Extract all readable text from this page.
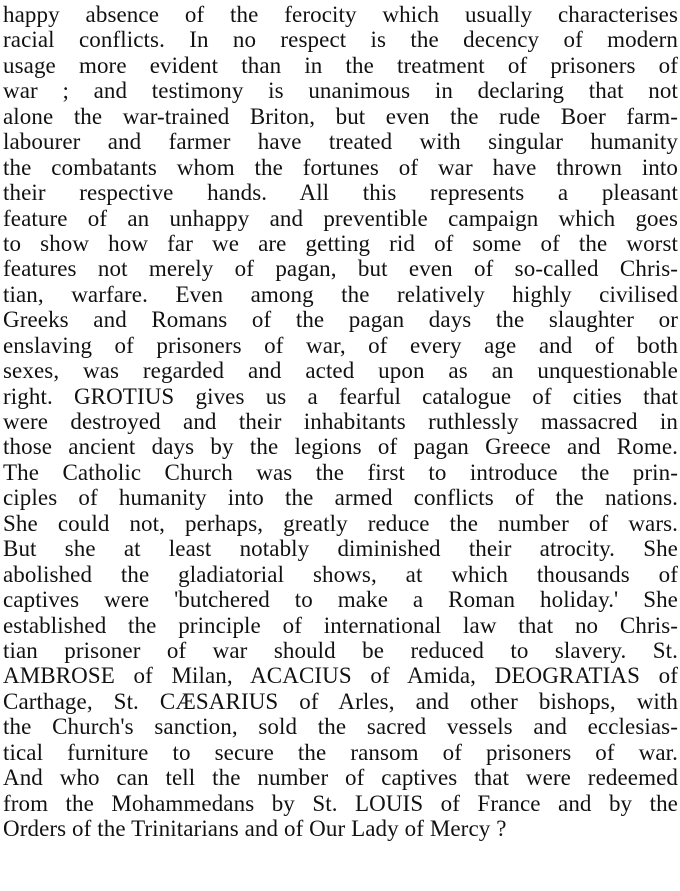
happy absence of the ferocity which usually characterises
racial conflicts. In no respect is the decency of modern
usage more evident than in the treatment of prisoners of
war ; and testimony is unanimous in declaring that not
alone the war-trained Briton, but even the rude Boer farm-
labourer and farmer have treated with singular humanity
the combatants whom the fortunes of war have thrown into
their respective hands. All this represents a pleasant
feature of an unhappy and preventible campaign which goes
to show how far we are getting rid of some of the worst
features not merely of pagan, but even of so-called Chris-
tian, warfare. Even among the relatively highly civilised
Greeks and Romans of the pagan days the slaughter or
enslaving of prisoners of war, of every age and of both
sexes, was regarded and acted upon as an unquestionable
right. GROTIUS gives us a fearful catalogue of cities that
were destroyed and their inhabitants ruthlessly massacred in
those ancient days by the legions of pagan Greece and Rome.
The Catholic Church was the first to introduce the prin-
ciples of humanity into the armed conflicts of the nations.
She could not, perhaps, greatly reduce the number of wars.
But she at least notably diminished their atrocity. She
abolished the gladiatorial shows, at which thousands of
captives were 'butchered to make a Roman holiday.' She
established the principle of international law that no Chris-
tian prisoner of war should be reduced to slavery. St.
AMBROSE of Milan, ACACIUS of Amida, DEOGRATIAS of
Carthage, St. CÆSARIUS of Arles, and other bishops, with
the Church's sanction, sold the sacred vessels and ecclesias-
tical furniture to secure the ransom of prisoners of war.
And who can tell the number of captives that were redeemed
from the Mohammedans by St. LOUIS of France and by the
Orders of the Trinitarians and of Our Lady of Mercy ?
